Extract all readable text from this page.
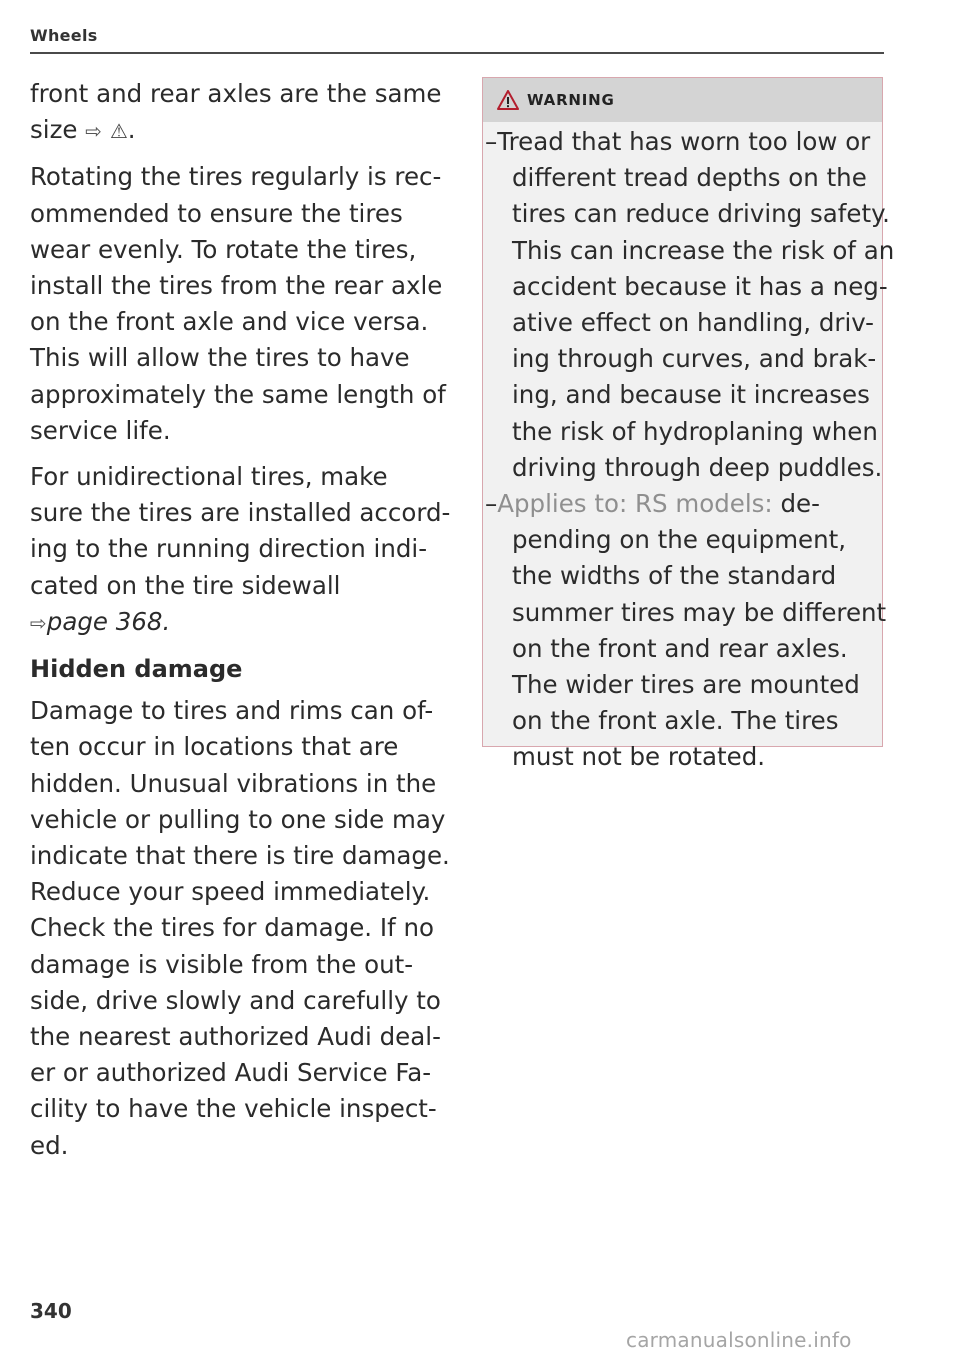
Wheels
front and rear axles are the same
size ⇨ ⚠.
Rotating the tires regularly is rec-
ommended to ensure the tires
wear evenly. To rotate the tires,
install the tires from the rear axle
on the front axle and vice versa.
This will allow the tires to have
approximately the same length of
service life.
For unidirectional tires, make
sure the tires are installed accord-
ing to the running direction indi-
cated on the tire sidewall
⇨page 368.
Hidden damage
Damage to tires and rims can of-
ten occur in locations that are
hidden. Unusual vibrations in the
vehicle or pulling to one side may
indicate that there is tire damage.
Reduce your speed immediately.
Check the tires for damage. If no
damage is visible from the out-
side, drive slowly and carefully to
the nearest authorized Audi deal-
er or authorized Audi Service Fa-
cility to have the vehicle inspect-
ed.
WARNING
–Tread that has worn too low or
different tread depths on the
tires can reduce driving safety.
This can increase the risk of an
accident because it has a neg-
ative effect on handling, driv-
ing through curves, and brak-
ing, and because it increases
the risk of hydroplaning when
driving through deep puddles.
–Applies to: RS models: de-
pending on the equipment,
the widths of the standard
summer tires may be different
on the front and rear axles.
The wider tires are mounted
on the front axle. The tires
must not be rotated.
340
carmanualsonline.info
